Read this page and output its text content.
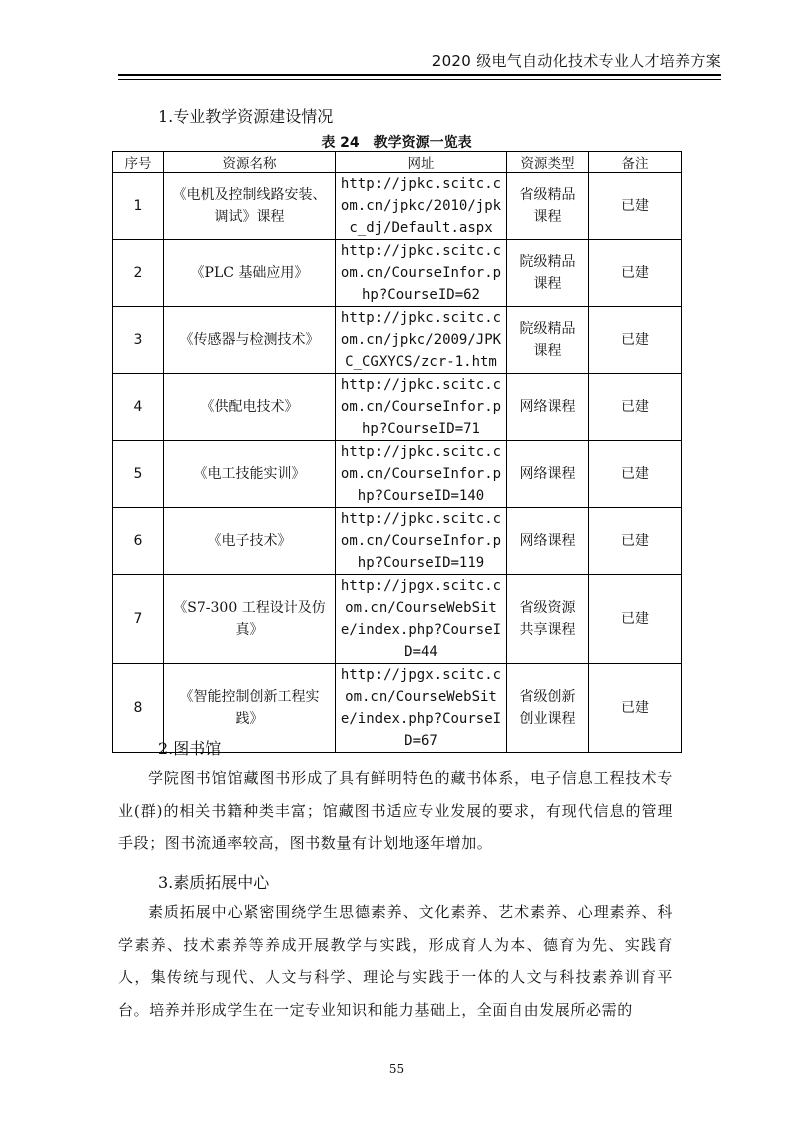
2020 级电气自动化技术专业人才培养方案
1.专业教学资源建设情况
表 24 教学资源一览表
序号	资源名称	网址	资源类型	备注
1	《电机及控制线路安装、调试》课程	http://jpkc.scitc.com.cn/jpkc/2010/jpkc_dj/Default.aspx	省级精品课程	已建
2	《PLC 基础应用》	http://jpkc.scitc.com.cn/CourseInfor.php?CourseID=62	院级精品课程	已建
3	《传感器与检测技术》	http://jpkc.scitc.com.cn/jpkc/2009/JPKC_CGXYCS/zcr-1.htm	院级精品课程	已建
4	《供配电技术》	http://jpkc.scitc.com.cn/CourseInfor.php?CourseID=71	网络课程	已建
5	《电工技能实训》	http://jpkc.scitc.com.cn/CourseInfor.php?CourseID=140	网络课程	已建
6	《电子技术》	http://jpkc.scitc.com.cn/CourseInfor.php?CourseID=119	网络课程	已建
7	《S7-300 工程设计及仿真》	http://jpgx.scitc.com.cn/CourseWebSite/index.php?CourseID=44	省级资源共享课程	已建
8	《智能控制创新工程实践》	http://jpgx.scitc.com.cn/CourseWebSite/index.php?CourseID=67	省级创新创业课程	已建
2.图书馆
学院图书馆馆藏图书形成了具有鲜明特色的藏书体系，电子信息工程技术专业(群)的相关书籍种类丰富；馆藏图书适应专业发展的要求，有现代信息的管理手段；图书流通率较高，图书数量有计划地逐年增加。
3.素质拓展中心
素质拓展中心紧密围绕学生思德素养、文化素养、艺术素养、心理素养、科学素养、技术素养等养成开展教学与实践，形成育人为本、德育为先、实践育人，集传统与现代、人文与科学、理论与实践于一体的人文与科技素养训育平台。培养并形成学生在一定专业知识和能力基础上，全面自由发展所必需的
55
